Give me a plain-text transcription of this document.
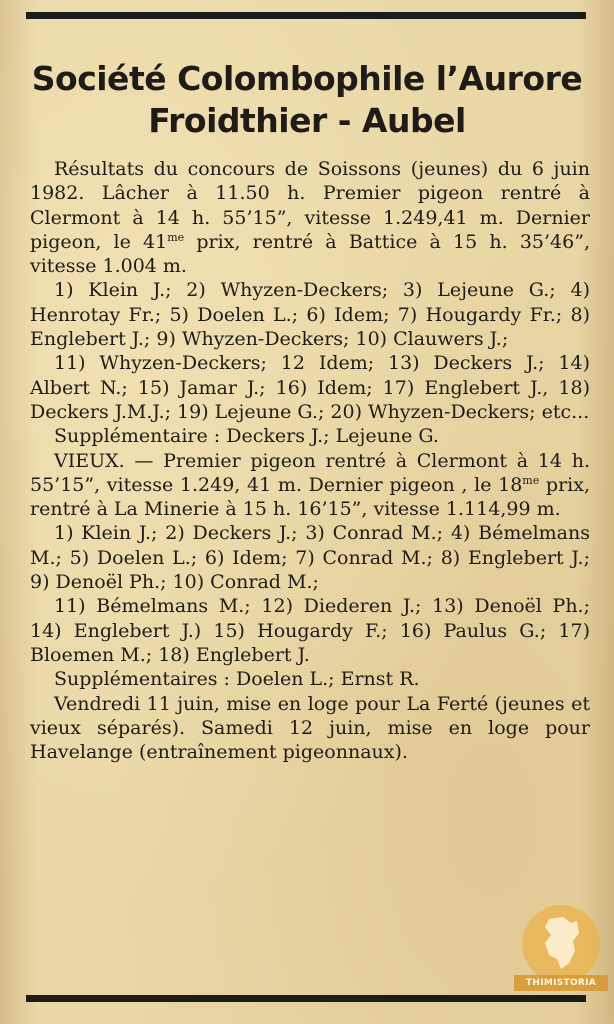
Société Colombophile l’Aurore
Froidthier - Aubel

Résultats du concours de Soissons (jeunes) du 6 juin 1982. Lâcher à 11.50 h. Premier pigeon rentré à Clermont à 14 h. 55’15”, vitesse 1.249,41 m. Dernier pigeon, le $41^{me}$ prix, rentré à Battice à 15 h. 35’46”, vitesse 1.004 m.

1) Klein J.; 2) Whyzen-Deckers; 3) Lejeune G.; 4) Henrotay Fr.; 5) Doelen L.; 6) Idem; 7) Hougardy Fr.; 8) Englebert J.; 9) Whyzen-Deckers; 10) Clauwers J.;

11) Whyzen-Deckers; 12 Idem; 13) Deckers J.; 14) Albert N.; 15) Jamar J.; 16) Idem; 17) Englebert J., 18) Deckers J.M.J.; 19) Lejeune G.; 20) Whyzen-Deckers; etc...

Supplémentaire : Deckers J.; Lejeune G.

VIEUX. — Premier pigeon rentré à Clermont à 14 h. 55’15”, vitesse 1.249, 41 m. Dernier pigeon , le $18^{me}$ prix, rentré à La Minerie à 15 h. 16’15”, vitesse 1.114,99 m.

1) Klein J.; 2) Deckers J.; 3) Conrad M.; 4) Bémelmans M.; 5) Doelen L.; 6) Idem; 7) Conrad M.; 8) Englebert J.; 9) Denoël Ph.; 10) Conrad M.;

11) Bémelmans M.; 12) Diederen J.; 13) Denoël Ph.; 14) Englebert J.) 15) Hougardy F.; 16) Paulus G.; 17) Bloemen M.; 18) Englebert J.

Supplémentaires : Doelen L.; Ernst R.

Vendredi 11 juin, mise en loge pour La Ferté (jeunes et vieux séparés). Samedi 12 juin, mise en loge pour Havelange (entraînement pigeonnaux).

THIMISTORIA
